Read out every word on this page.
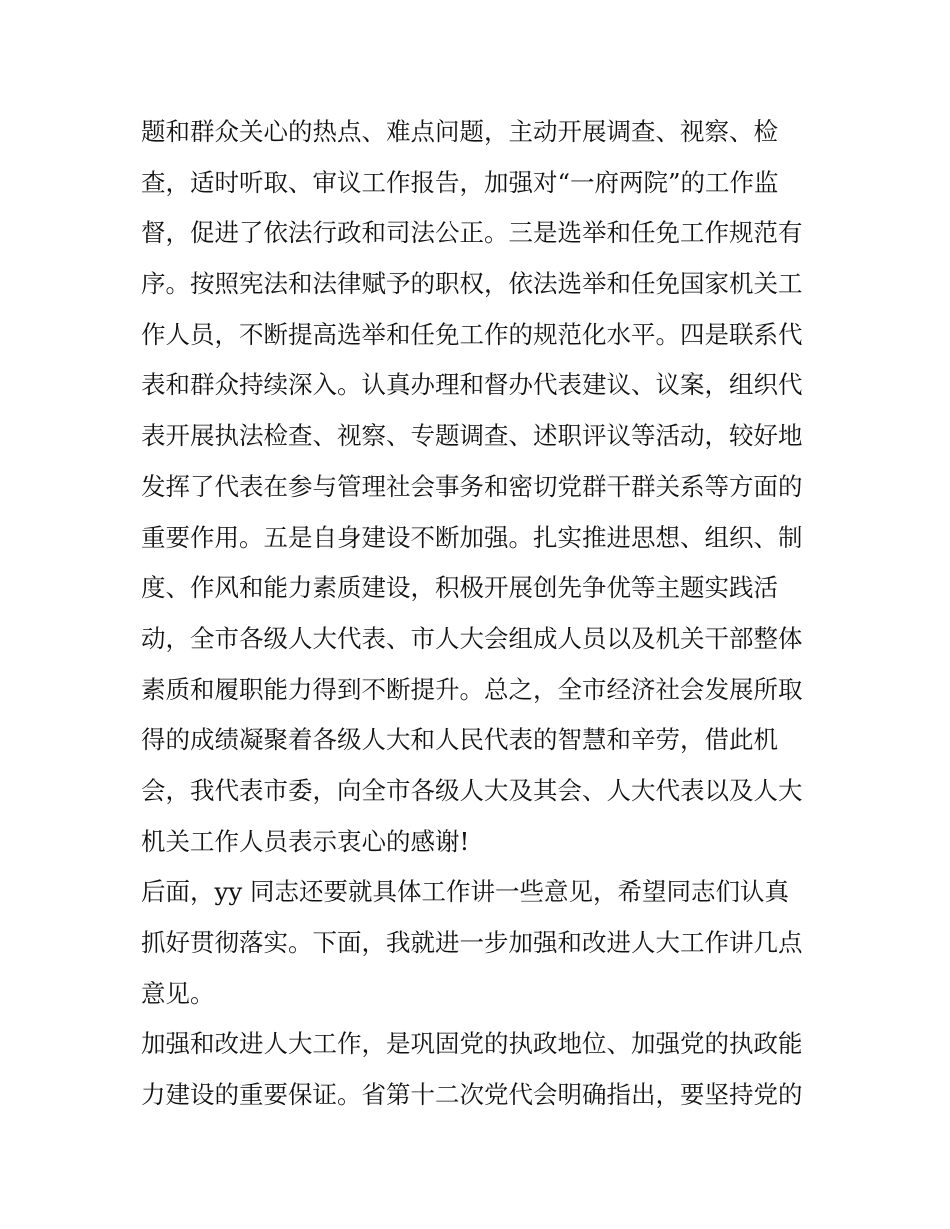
题和群众关心的热点、难点问题，主动开展调查、视察、检
查，适时听取、审议工作报告，加强对“一府两院”的工作监
督，促进了依法行政和司法公正。三是选举和任免工作规范有
序。按照宪法和法律赋予的职权，依法选举和任免国家机关工
作人员，不断提高选举和任免工作的规范化水平。四是联系代
表和群众持续深入。认真办理和督办代表建议、议案，组织代
表开展执法检查、视察、专题调查、述职评议等活动，较好地
发挥了代表在参与管理社会事务和密切党群干群关系等方面的
重要作用。五是自身建设不断加强。扎实推进思想、组织、制
度、作风和能力素质建设，积极开展创先争优等主题实践活
动，全市各级人大代表、市人大会组成人员以及机关干部整体
素质和履职能力得到不断提升。总之，全市经济社会发展所取
得的成绩凝聚着各级人大和人民代表的智慧和辛劳，借此机
会，我代表市委，向全市各级人大及其会、人大代表以及人大
机关工作人员表示衷心的感谢!
后面，yy 同志还要就具体工作讲一些意见，希望同志们认真
抓好贯彻落实。下面，我就进一步加强和改进人大工作讲几点
意见。
加强和改进人大工作，是巩固党的执政地位、加强党的执政能
力建设的重要保证。省第十二次党代会明确指出，要坚持党的
